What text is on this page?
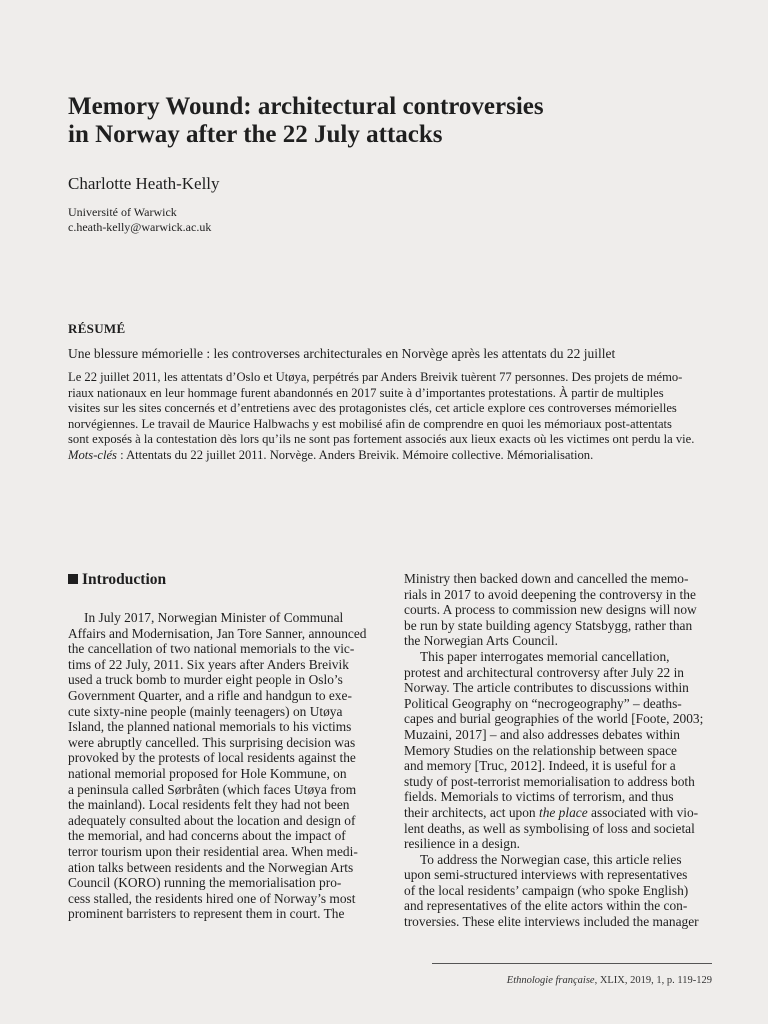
Memory Wound: architectural controversies
in Norway after the 22 July attacks
Charlotte Heath-Kelly
Université of Warwick
c.heath-kelly@warwick.ac.uk
RÉSUMÉ
Une blessure mémorielle : les controverses architecturales en Norvège après les attentats du 22 juillet
Le 22 juillet 2011, les attentats d’Oslo et Utøya, perpétrés par Anders Breivik tuèrent 77 personnes. Des projets de mémo-
riaux nationaux en leur hommage furent abandonnés en 2017 suite à d’importantes protestations. À partir de multiples
visites sur les sites concernés et d’entretiens avec des protagonistes clés, cet article explore ces controverses mémorielles
norvégiennes. Le travail de Maurice Halbwachs y est mobilisé afin de comprendre en quoi les mémoriaux post-attentats
sont exposés à la contestation dès lors qu’ils ne sont pas fortement associés aux lieux exacts où les victimes ont perdu la vie.
Mots-clés : Attentats du 22 juillet 2011. Norvège. Anders Breivik. Mémoire collective. Mémorialisation.
Introduction
In July 2017, Norwegian Minister of Communal
Affairs and Modernisation, Jan Tore Sanner, announced
the cancellation of two national memorials to the vic-
tims of 22 July, 2011. Six years after Anders Breivik
used a truck bomb to murder eight people in Oslo’s
Government Quarter, and a rifle and handgun to exe-
cute sixty-nine people (mainly teenagers) on Utøya
Island, the planned national memorials to his victims
were abruptly cancelled. This surprising decision was
provoked by the protests of local residents against the
national memorial proposed for Hole Kommune, on
a peninsula called Sørbråten (which faces Utøya from
the mainland). Local residents felt they had not been
adequately consulted about the location and design of
the memorial, and had concerns about the impact of
terror tourism upon their residential area. When medi-
ation talks between residents and the Norwegian Arts
Council (KORO) running the memorialisation pro-
cess stalled, the residents hired one of Norway’s most
prominent barristers to represent them in court. The
Ministry then backed down and cancelled the memo-
rials in 2017 to avoid deepening the controversy in the
courts. A process to commission new designs will now
be run by state building agency Statsbygg, rather than
the Norwegian Arts Council.
This paper interrogates memorial cancellation,
protest and architectural controversy after July 22 in
Norway. The article contributes to discussions within
Political Geography on “necrogeography” – deaths-
capes and burial geographies of the world [Foote, 2003;
Muzaini, 2017] – and also addresses debates within
Memory Studies on the relationship between space
and memory [Truc, 2012]. Indeed, it is useful for a
study of post-terrorist memorialisation to address both
fields. Memorials to victims of terrorism, and thus
their architects, act upon the place associated with vio-
lent deaths, as well as symbolising of loss and societal
resilience in a design.
To address the Norwegian case, this article relies
upon semi-structured interviews with representatives
of the local residents’ campaign (who spoke English)
and representatives of the elite actors within the con-
troversies. These elite interviews included the manager
Ethnologie française, XLIX, 2019, 1, p. 119-129
